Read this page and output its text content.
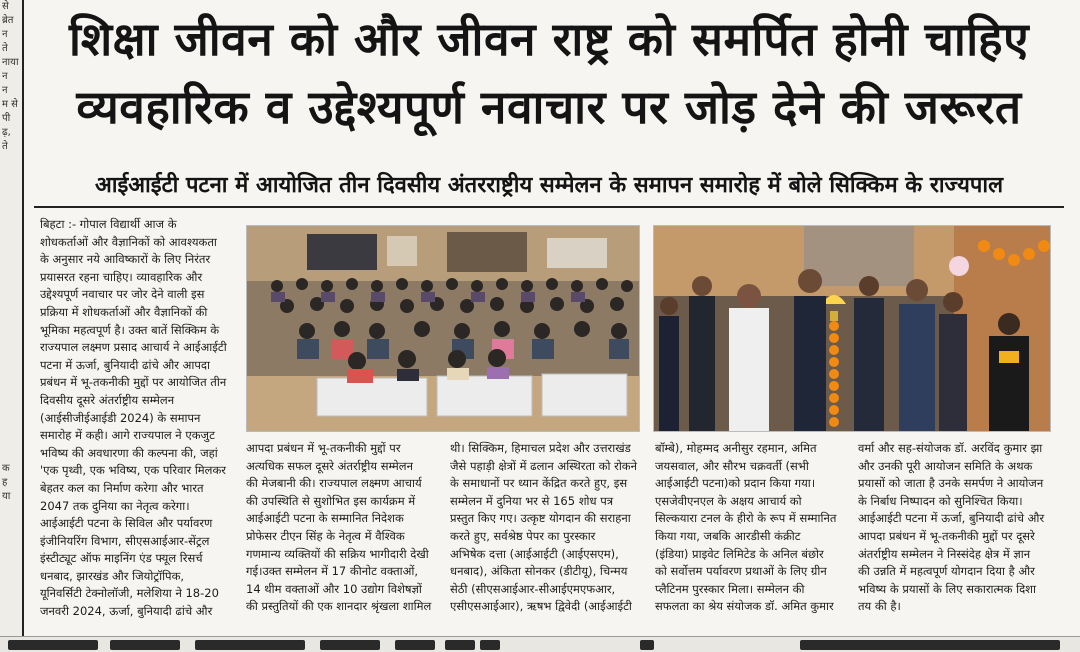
से
ब्रेत
न
ते
नाया
न
न
म से
पी
ढ़,
ते

क
ह
या
शिक्षा जीवन को और जीवन राष्ट्र को समर्पित होनी चाहिए
व्यवहारिक व उद्देश्यपूर्ण नवाचार पर जोड़ देने की जरूरत
आईआईटी पटना में आयोजित तीन दिवसीय अंतरराष्ट्रीय सम्मेलन के समापन समारोह में बोले सिक्किम के राज्यपाल

बिहटा :- गोपाल विद्यार्थी आज के

शोधकर्ताओं और वैज्ञानिकों को आवश्यकता

के अनुसार नये आविष्कारों के लिए निरंतर

प्रयासरत रहना चाहिए। व्यावहारिक और

उद्देश्यपूर्ण नवाचार पर जोर देने वाली इस

प्रक्रिया में शोधकर्ताओं और वैज्ञानिकों की

भूमिका महत्वपूर्ण है। उक्त बातें सिक्किम के

राज्यपाल लक्ष्मण प्रसाद आचार्य ने आईआईटी

पटना में ऊर्जा, बुनियादी ढांचे और आपदा

प्रबंधन में भू-तकनीकी मुद्दों पर आयोजित तीन

दिवसीय दूसरे अंतर्राष्ट्रीय सम्मेलन

(आईसीजीईआईडी 2024) के समापन

समारोह में कही। आगे राज्यपाल ने एकजुट

भविष्य की अवधारणा की कल्पना की, जहां

'एक पृथ्वी, एक भविष्य, एक परिवार मिलकर

बेहतर कल का निर्माण करेगा और भारत

2047 तक दुनिया का नेतृत्व करेगा।

आईआईटी पटना के सिविल और पर्यावरण

इंजीनियरिंग विभाग, सीएसआईआर-सेंट्रल

इंस्टीट्यूट ऑफ माइनिंग एंड फ्यूल रिसर्च

धनबाद, झारखंड और जियोट्रॉपिक,

यूनिवर्सिटी टेक्नोलॉजी, मलेशिया ने 18-20

जनवरी 2024, ऊर्जा, बुनियादी ढांचे और

आपदा प्रबंधन में भू-तकनीकी मुद्दों पर

अत्यधिक सफल दूसरे अंतर्राष्ट्रीय सम्मेलन

की मेजबानी की। राज्यपाल लक्ष्मण आचार्य

की उपस्थिति से सुशोभित इस कार्यक्रम में

आईआईटी पटना के सम्मानित निदेशक

प्रोफेसर टीएन सिंह के नेतृत्व में वैश्विक

गणमान्य व्यक्तियों की सक्रिय भागीदारी देखी

गई।उक्त सम्मेलन में 17 कीनोट वक्ताओं,

14 थीम वक्ताओं और 10 उद्योग विशेषज्ञों

की प्रस्तुतियों की एक शानदार श्रृंखला शामिल

थी। सिक्किम, हिमाचल प्रदेश और उत्तराखंड

जैसे पहाड़ी क्षेत्रों में ढलान अस्थिरता को रोकने

के समाधानों पर ध्यान केंद्रित करते हुए, इस

सम्मेलन में दुनिया भर से 165 शोध पत्र

प्रस्तुत किए गए। उत्कृष्ट योगदान की सराहना

करते हुए, सर्वश्रेष्ठ पेपर का पुरस्कार

अभिषेक दत्ता (आईआईटी (आईएसएम),

धनबाद), अंकिता सोनकर (डीटीयू), चिन्मय

सेठी (सीएसआईआर-सीआईएमएफआर,

एसीएसआईआर), ऋषभ द्विवेदी (आईआईटी

बॉम्बे), मोहम्मद अनीसुर रहमान, अमित

जयसवाल, और सौरभ चक्रवर्ती (सभी

आईआईटी पटना)को प्रदान किया गया।

एसजेवीएनएल के अक्षय आचार्य को

सिल्कयारा टनल के हीरो के रूप में सम्मानित

किया गया, जबकि आरडीसी कंक्रीट

(इंडिया) प्राइवेट लिमिटेड के अनिल बंछोर

को सर्वोत्तम पर्यावरण प्रथाओं के लिए ग्रीन

प्लैटिनम पुरस्कार मिला। सम्मेलन की

सफलता का श्रेय संयोजक डॉ. अमित कुमार

वर्मा और सह-संयोजक डॉ. अरविंद कुमार झा

और उनकी पूरी आयोजन समिति के अथक

प्रयासों को जाता है उनके समर्पण ने आयोजन

के निर्बाध निष्पादन को सुनिश्चित किया।

आईआईटी पटना में ऊर्जा, बुनियादी ढांचे और

आपदा प्रबंधन में भू-तकनीकी मुद्दों पर दूसरे

अंतर्राष्ट्रीय सम्मेलन ने निस्संदेह क्षेत्र में ज्ञान

की उन्नति में महत्वपूर्ण योगदान दिया है और

भविष्य के प्रयासों के लिए सकारात्मक दिशा

तय की है।
